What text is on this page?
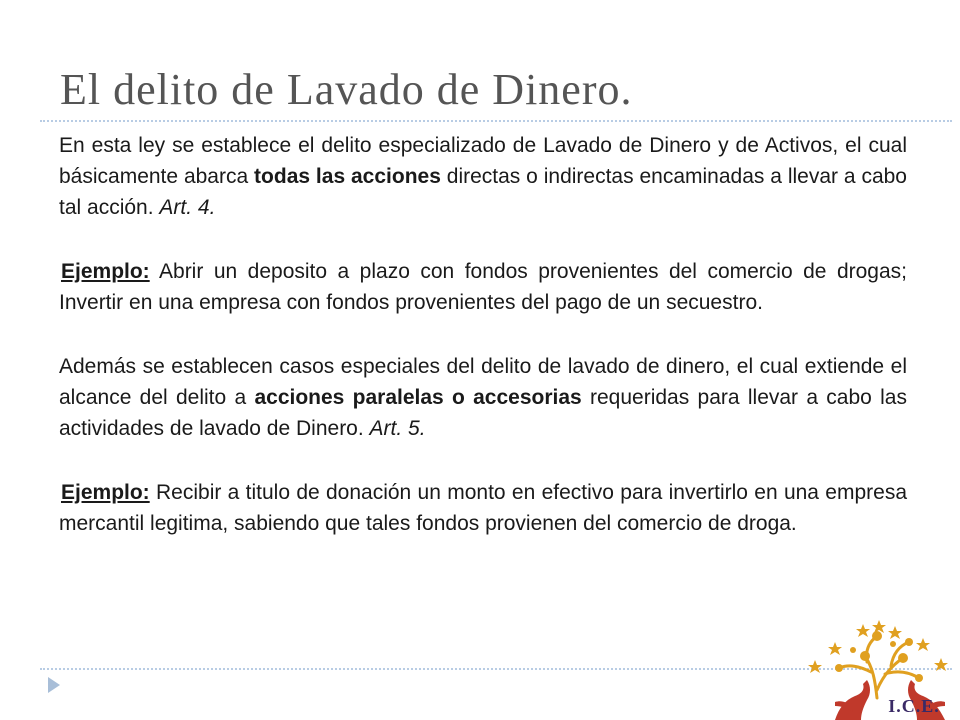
El delito de Lavado de Dinero.

En esta ley se establece el delito especializado de Lavado de Dinero y de Activos, el cual básicamente abarca todas las acciones directas o indirectas encaminadas a llevar a cabo tal acción. Art. 4.

Ejemplo: Abrir un deposito a plazo con fondos provenientes del comercio de drogas; Invertir en una empresa con fondos provenientes del pago de un secuestro.

Además se establecen casos especiales del delito de lavado de dinero, el cual extiende el alcance del delito a acciones paralelas o accesorias requeridas para llevar a cabo las actividades de lavado de Dinero. Art. 5.

Ejemplo: Recibir a titulo de donación un monto en efectivo para invertirlo en una empresa mercantil legitima, sabiendo que tales fondos provienen del comercio de droga.

I.C.E.
